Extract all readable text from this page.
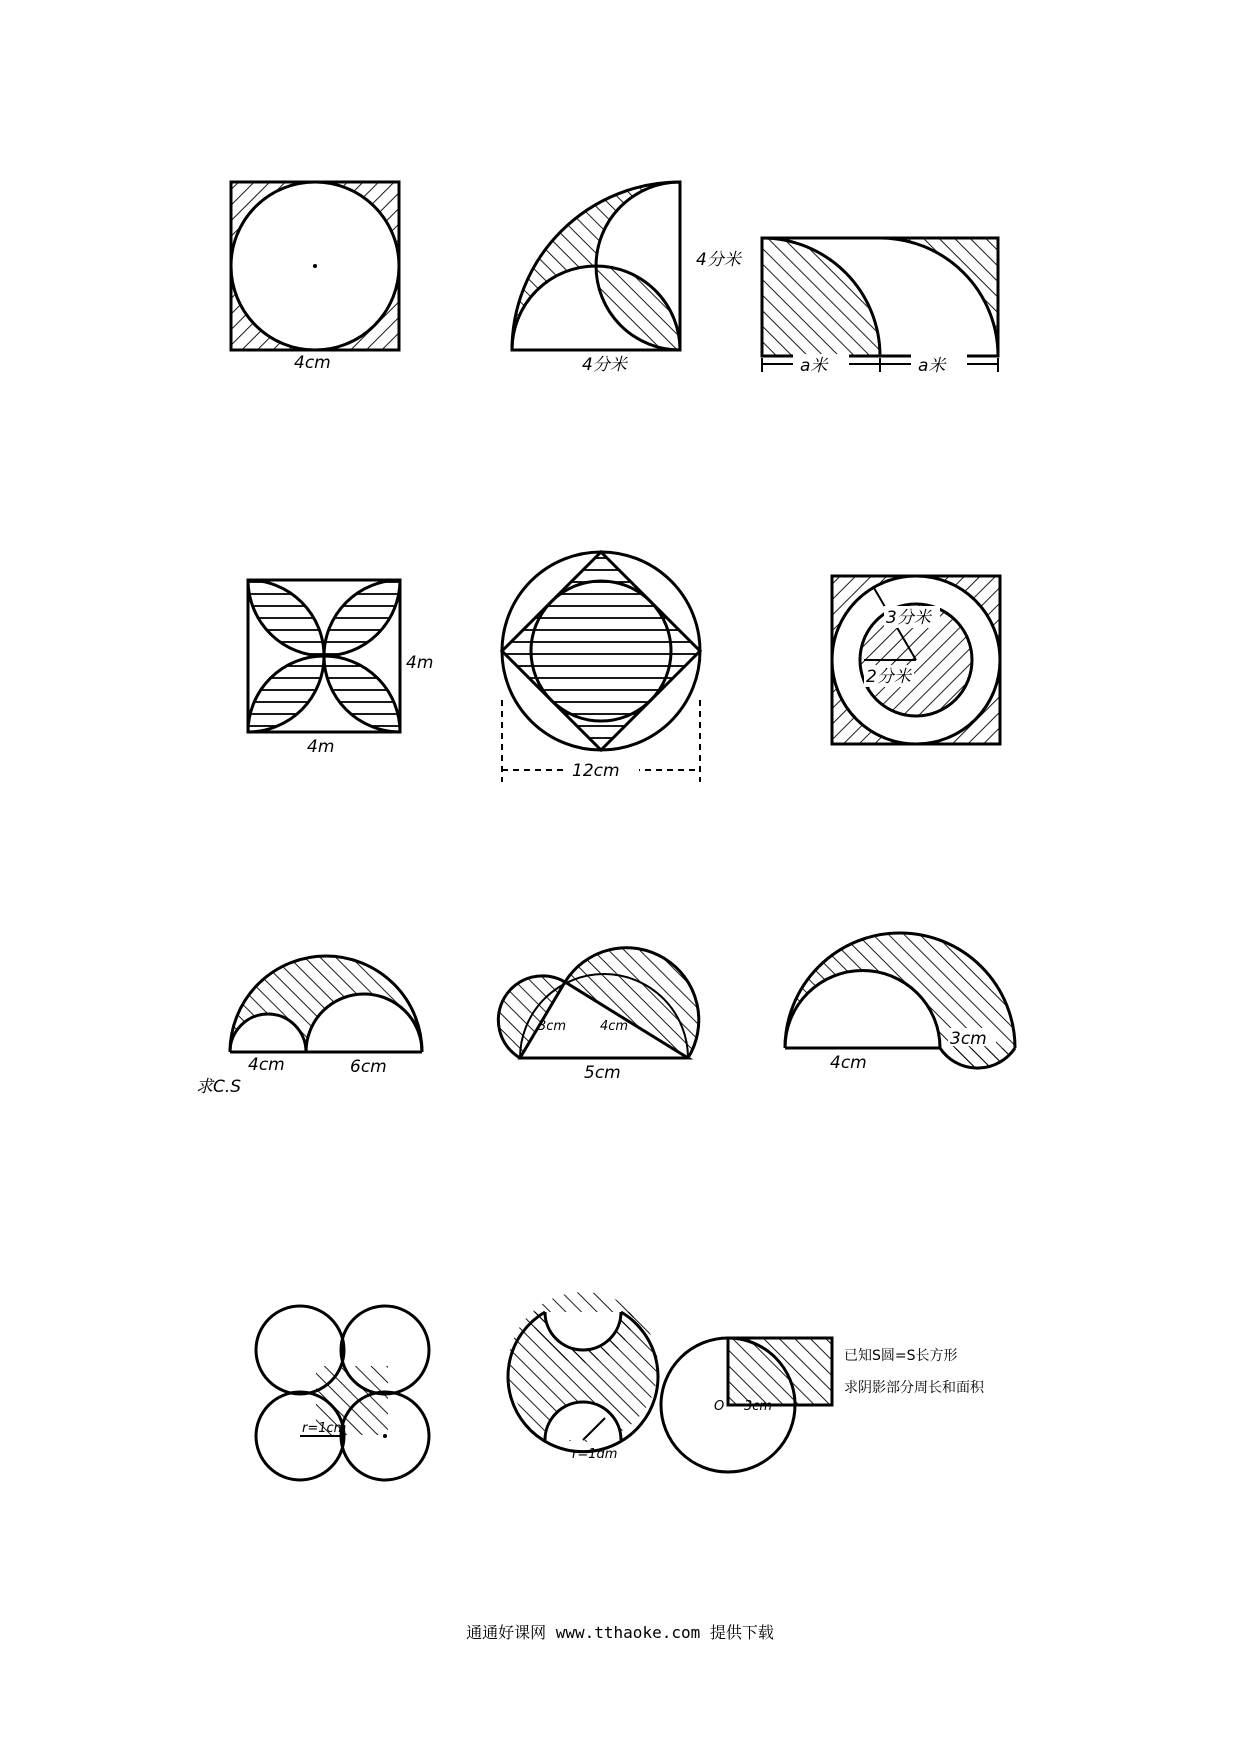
4cm	4分米
4分米
a米	a米
4m
4m
12cm
3分米
2分米
4cm	6cm
求C.S
3cm	4cm
5cm	4cm
3cm
r=1cm
r=1dm
O 3cm
已知S圆=S长方形
求阴影部分周长和面积
通通好课网 www.tthaoke.com 提供下载
